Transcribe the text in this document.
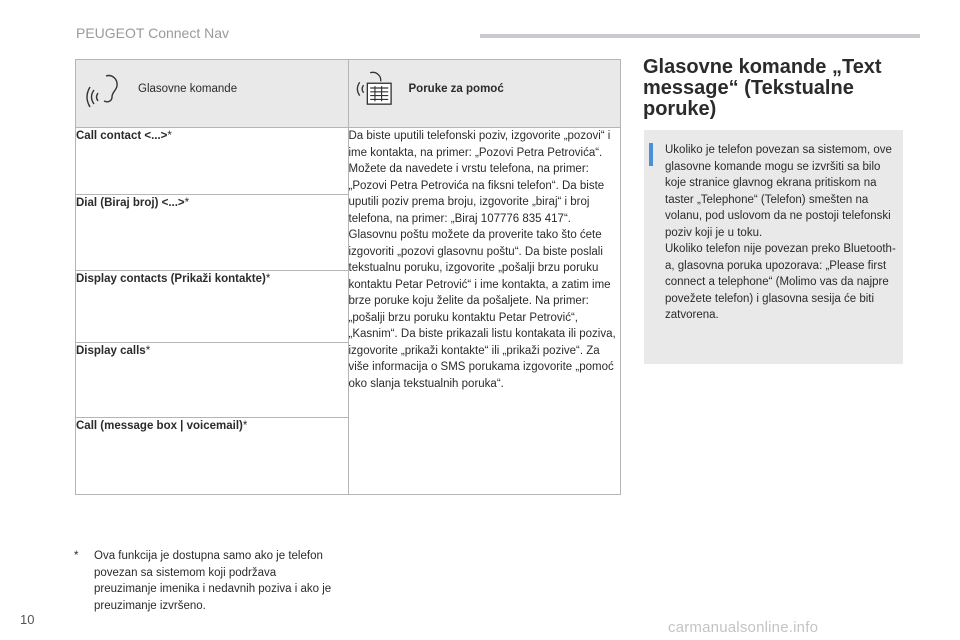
PEUGEOT Connect Nav
Glasovne komande	Poruke za pomoć

Call contact <...>*	Da biste uputili telefonski poziv, izgovorite „pozovi“ i ime kontakta, na primer: „Pozovi Petra Petrovića“. Možete da navedete i vrstu telefona, na primer: „Pozovi Petra Petrovića na fiksni telefon“. Da biste uputili poziv prema broju, izgovorite „biraj“ i broj telefona, na primer: „Biraj 107776 835 417“. Glasovnu poštu možete da proverite tako što ćete izgovoriti „pozovi glasovnu poštu“. Da biste poslali tekstualnu poruku, izgovorite „pošalji brzu poruku kontaktu Petar Petrović“ i ime kontakta, a zatim ime brze poruke koju želite da pošaljete. Na primer: „pošalji brzu poruku kontaktu Petar Petrović“, „Kasnim“. Da biste prikazali listu kontakata ili poziva, izgovorite „prikaži kontakte“ ili „prikaži pozive“. Za više informacija o SMS porukama izgovorite „pomoć oko slanja tekstualnih poruka“.
Dial (Biraj broj) <...>*	
Display contacts (Prikaži kontakte)*	
Display calls*	
Call (message box | voicemail)*	
* Ova funkcija je dostupna samo ako je telefon povezan sa sistemom koji podržava preuzimanje imenika i nedavnih poziva i ako je preuzimanje izvršeno.
10
Glasovne komande „Text message“ (Tekstualne poruke)
Ukoliko je telefon povezan sa sistemom, ove glasovne komande mogu se izvršiti sa bilo koje stranice glavnog ekrana pritiskom na taster „Telephone“ (Telefon) smešten na volanu, pod uslovom da ne postoji telefonski poziv koji je u toku.
Ukoliko telefon nije povezan preko Bluetooth-a, glasovna poruka upozorava: „Please first connect a telephone“ (Molimo vas da najpre povežete telefon) i glasovna sesija će biti zatvorena.
carmanualsonline.info
